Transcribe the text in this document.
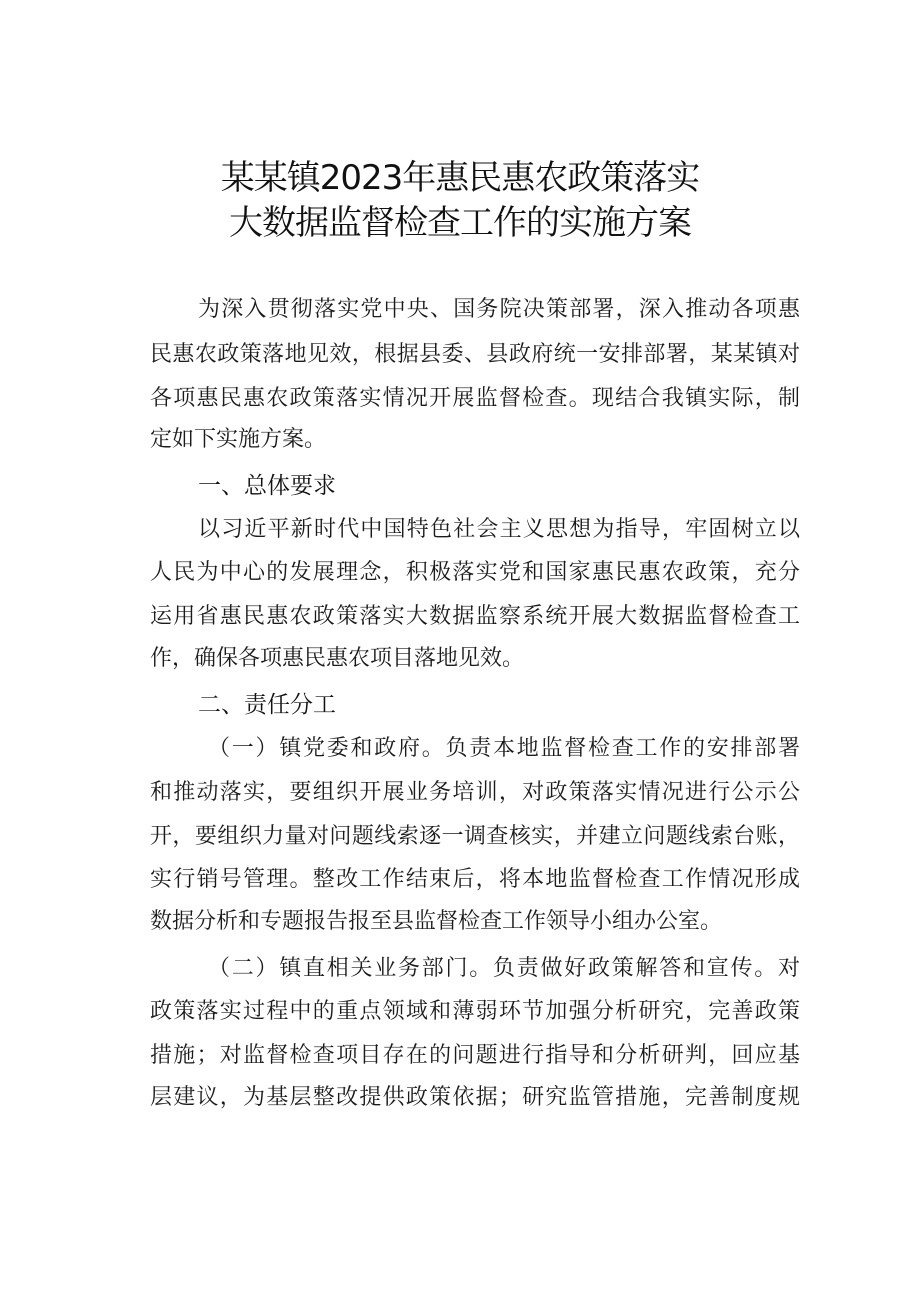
某某镇2023年惠民惠农政策落实
大数据监督检查工作的实施方案
为深入贯彻落实党中央、国务院决策部署，深入推动各项惠
民惠农政策落地见效，根据县委、县政府统一安排部署，某某镇对
各项惠民惠农政策落实情况开展监督检查。现结合我镇实际，制
定如下实施方案。
一、总体要求
以习近平新时代中国特色社会主义思想为指导，牢固树立以
人民为中心的发展理念，积极落实党和国家惠民惠农政策，充分
运用省惠民惠农政策落实大数据监察系统开展大数据监督检查工
作，确保各项惠民惠农项目落地见效。
二、责任分工
（一）镇党委和政府。负责本地监督检查工作的安排部署
和推动落实，要组织开展业务培训，对政策落实情况进行公示公
开，要组织力量对问题线索逐一调查核实，并建立问题线索台账，
实行销号管理。整改工作结束后，将本地监督检查工作情况形成
数据分析和专题报告报至县监督检查工作领导小组办公室。
（二）镇直相关业务部门。负责做好政策解答和宣传。对
政策落实过程中的重点领域和薄弱环节加强分析研究，完善政策
措施；对监督检查项目存在的问题进行指导和分析研判，回应基
层建议，为基层整改提供政策依据；研究监管措施，完善制度规
